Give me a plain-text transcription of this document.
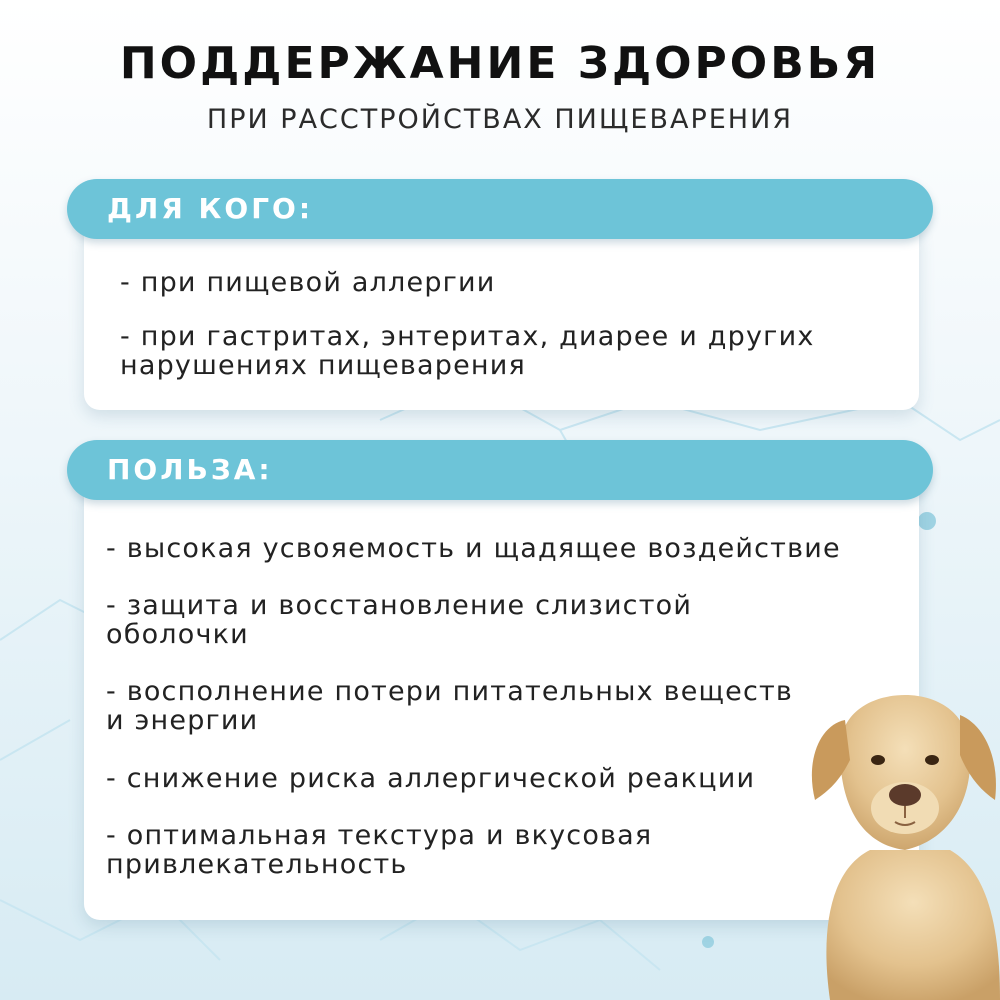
ПОДДЕРЖАНИЕ ЗДОРОВЬЯ
ПРИ РАССТРОЙСТВАХ ПИЩЕВАРЕНИЯ
- при пищевой аллергии
- при гастритах, энтеритах, диарее и других
нарушениях пищеварения
ДЛЯ КОГО:
- высокая усвояемость и щадящее воздействие
- защита и восстановление слизистой
оболочки
- восполнение потери питательных веществ
и энергии
- снижение риска аллергической реакции
- оптимальная текстура и вкусовая
привлекательность
ПОЛЬЗА:
